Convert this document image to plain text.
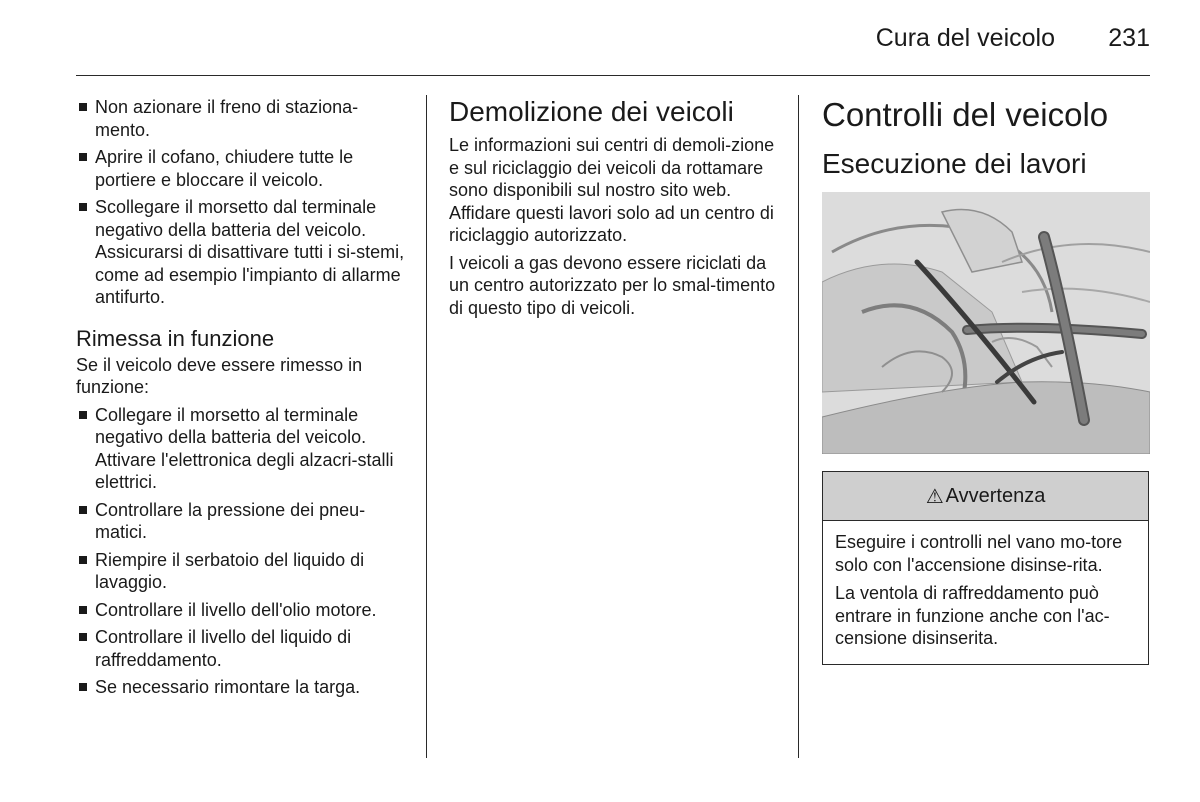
Cura del veicolo	231
Non azionare il freno di staziona-mento.
Aprire il cofano, chiudere tutte le portiere e bloccare il veicolo.
Scollegare il morsetto dal terminale negativo della batteria del veicolo. Assicurarsi di disattivare tutti i si-stemi, come ad esempio l'impianto di allarme antifurto.
Rimessa in funzione

Se il veicolo deve essere rimesso in funzione:

Collegare il morsetto al terminale negativo della batteria del veicolo. Attivare l'elettronica degli alzacri-stalli elettrici.
Controllare la pressione dei pneu-matici.
Riempire il serbatoio del liquido di lavaggio.
Controllare il livello dell'olio motore.
Controllare il livello del liquido di raffreddamento.
Se necessario rimontare la targa.
Demolizione dei veicoli

Le informazioni sui centri di demoli-zione e sul riciclaggio dei veicoli da rottamare sono disponibili sul nostro sito web. Affidare questi lavori solo ad un centro di riciclaggio autorizzato.

I veicoli a gas devono essere riciclati da un centro autorizzato per lo smal-timento di questo tipo di veicoli.

Controlli del veicolo
Esecuzione dei lavori
⚠ Avvertenza

Eseguire i controlli nel vano mo-tore solo con l'accensione disinse-rita.

La ventola di raffreddamento può entrare in funzione anche con l'ac-censione disinserita.
